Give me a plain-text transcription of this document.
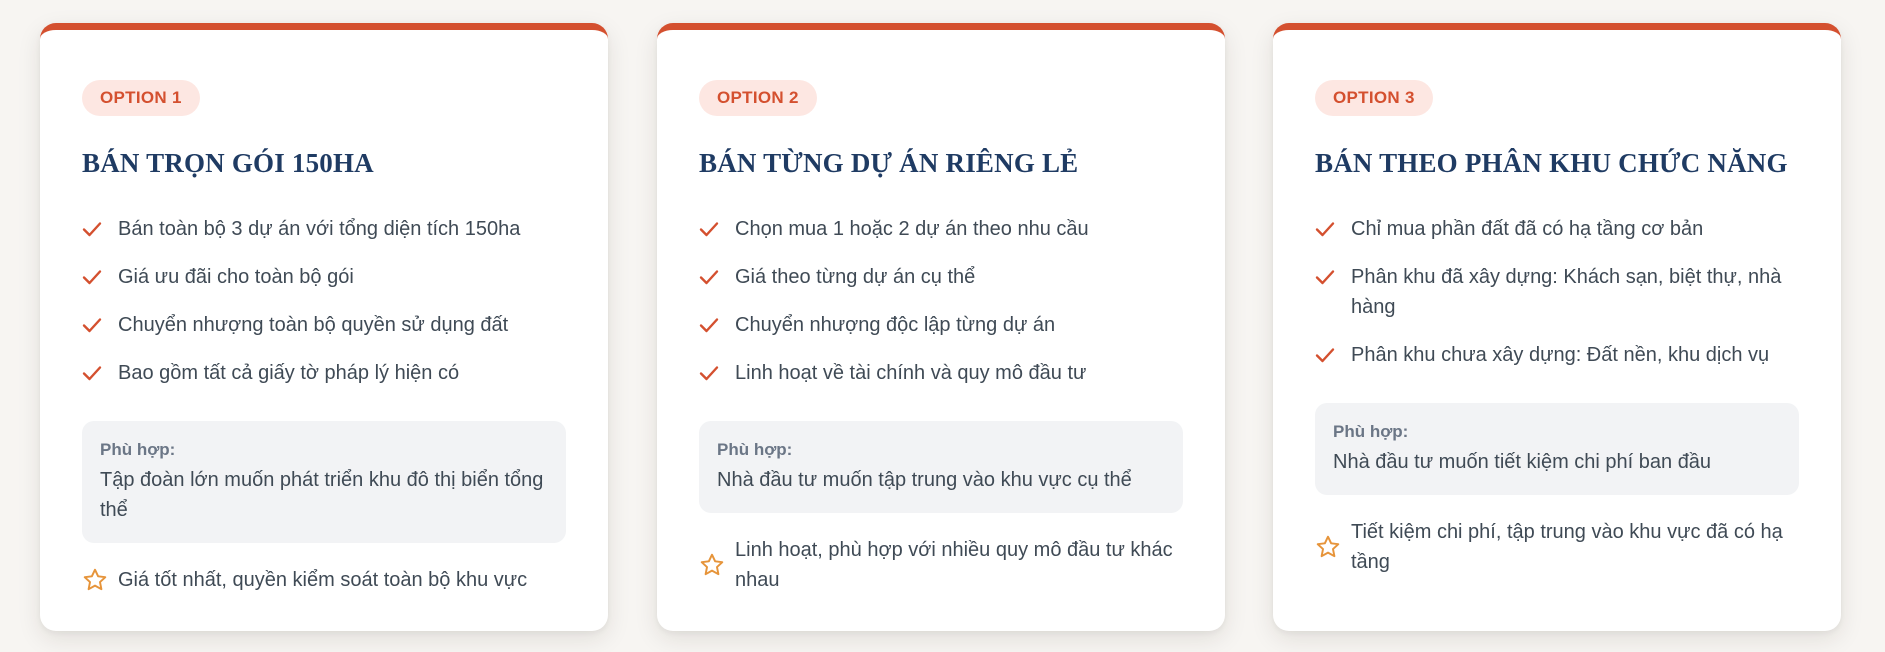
OPTION 1
BÁN TRỌN GÓI 150HA
Bán toàn bộ 3 dự án với tổng diện tích 150ha
Giá ưu đãi cho toàn bộ gói
Chuyển nhượng toàn bộ quyền sử dụng đất
Bao gồm tất cả giấy tờ pháp lý hiện có
Phù hợp:
Tập đoàn lớn muốn phát triển khu đô thị biển tổng thể
Giá tốt nhất, quyền kiểm soát toàn bộ khu vực
OPTION 2
BÁN TỪNG DỰ ÁN RIÊNG LẺ
Chọn mua 1 hoặc 2 dự án theo nhu cầu
Giá theo từng dự án cụ thể
Chuyển nhượng độc lập từng dự án
Linh hoạt về tài chính và quy mô đầu tư
Phù hợp:
Nhà đầu tư muốn tập trung vào khu vực cụ thể
Linh hoạt, phù hợp với nhiều quy mô đầu tư khác nhau
OPTION 3
BÁN THEO PHÂN KHU CHỨC NĂNG
Chỉ mua phần đất đã có hạ tầng cơ bản
Phân khu đã xây dựng: Khách sạn, biệt thự, nhà hàng
Phân khu chưa xây dựng: Đất nền, khu dịch vụ
Phù hợp:
Nhà đầu tư muốn tiết kiệm chi phí ban đầu
Tiết kiệm chi phí, tập trung vào khu vực đã có hạ tầng
